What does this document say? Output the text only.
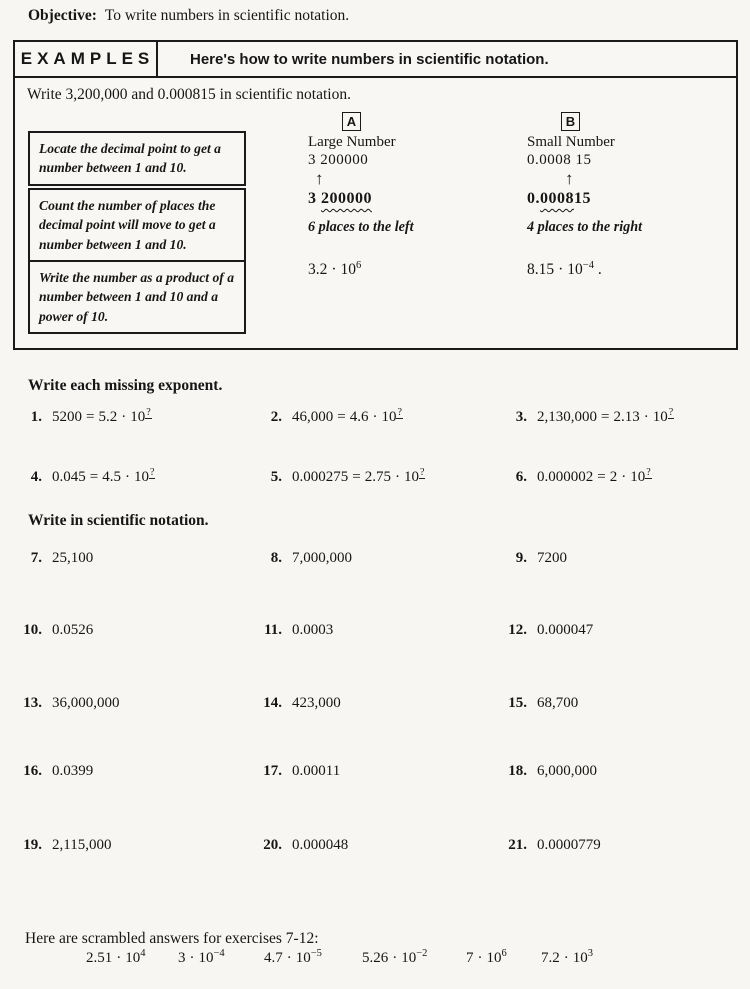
Objective: To write numbers in scientific notation.
EXAMPLES	Here's how to write numbers in scientific notation.
Write 3,200,000 and 0.000815 in scientific notation.
Locate the decimal point to get a number between 1 and 10.
Count the number of places the decimal point will move to get a number between 1 and 10.
Write the number as a product of a number between 1 and 10 and a power of 10.
A
Large Number
3 200000
↑
3 200000
6 places to the left
$3.2 \cdot 10^6$
B
Small Number
0.0008 15
↑
0.000815
4 places to the right
$8.15 \cdot 10^{-4}$ .
Write each missing exponent.
1. 5200 = 5.2 · 10?	2. 46,000 = 4.6 · 10?	3. 2,130,000 = 2.13 · 10?
4. 0.045 = 4.5 · 10?	5. 0.000275 = 2.75 · 10?	6. 0.000002 = 2 · 10?
Write in scientific notation.
7. 25,100	8. 7,000,000	9. 7200
10. 0.0526	11. 0.0003	12. 0.000047
13. 36,000,000	14. 423,000	15. 68,700
16. 0.0399	17. 0.00011	18. 6,000,000
19. 2,115,000	20. 0.000048	21. 0.0000779
Here are scrambled answers for exercises 7-12:
$2.51 \cdot 10^4$ $3 \cdot 10^{-4}$	$4.7 \cdot 10^{-5}$	$5.26 \cdot 10^{-2}$	$7 \cdot 10^6$ $7.2 \cdot 10^3$
